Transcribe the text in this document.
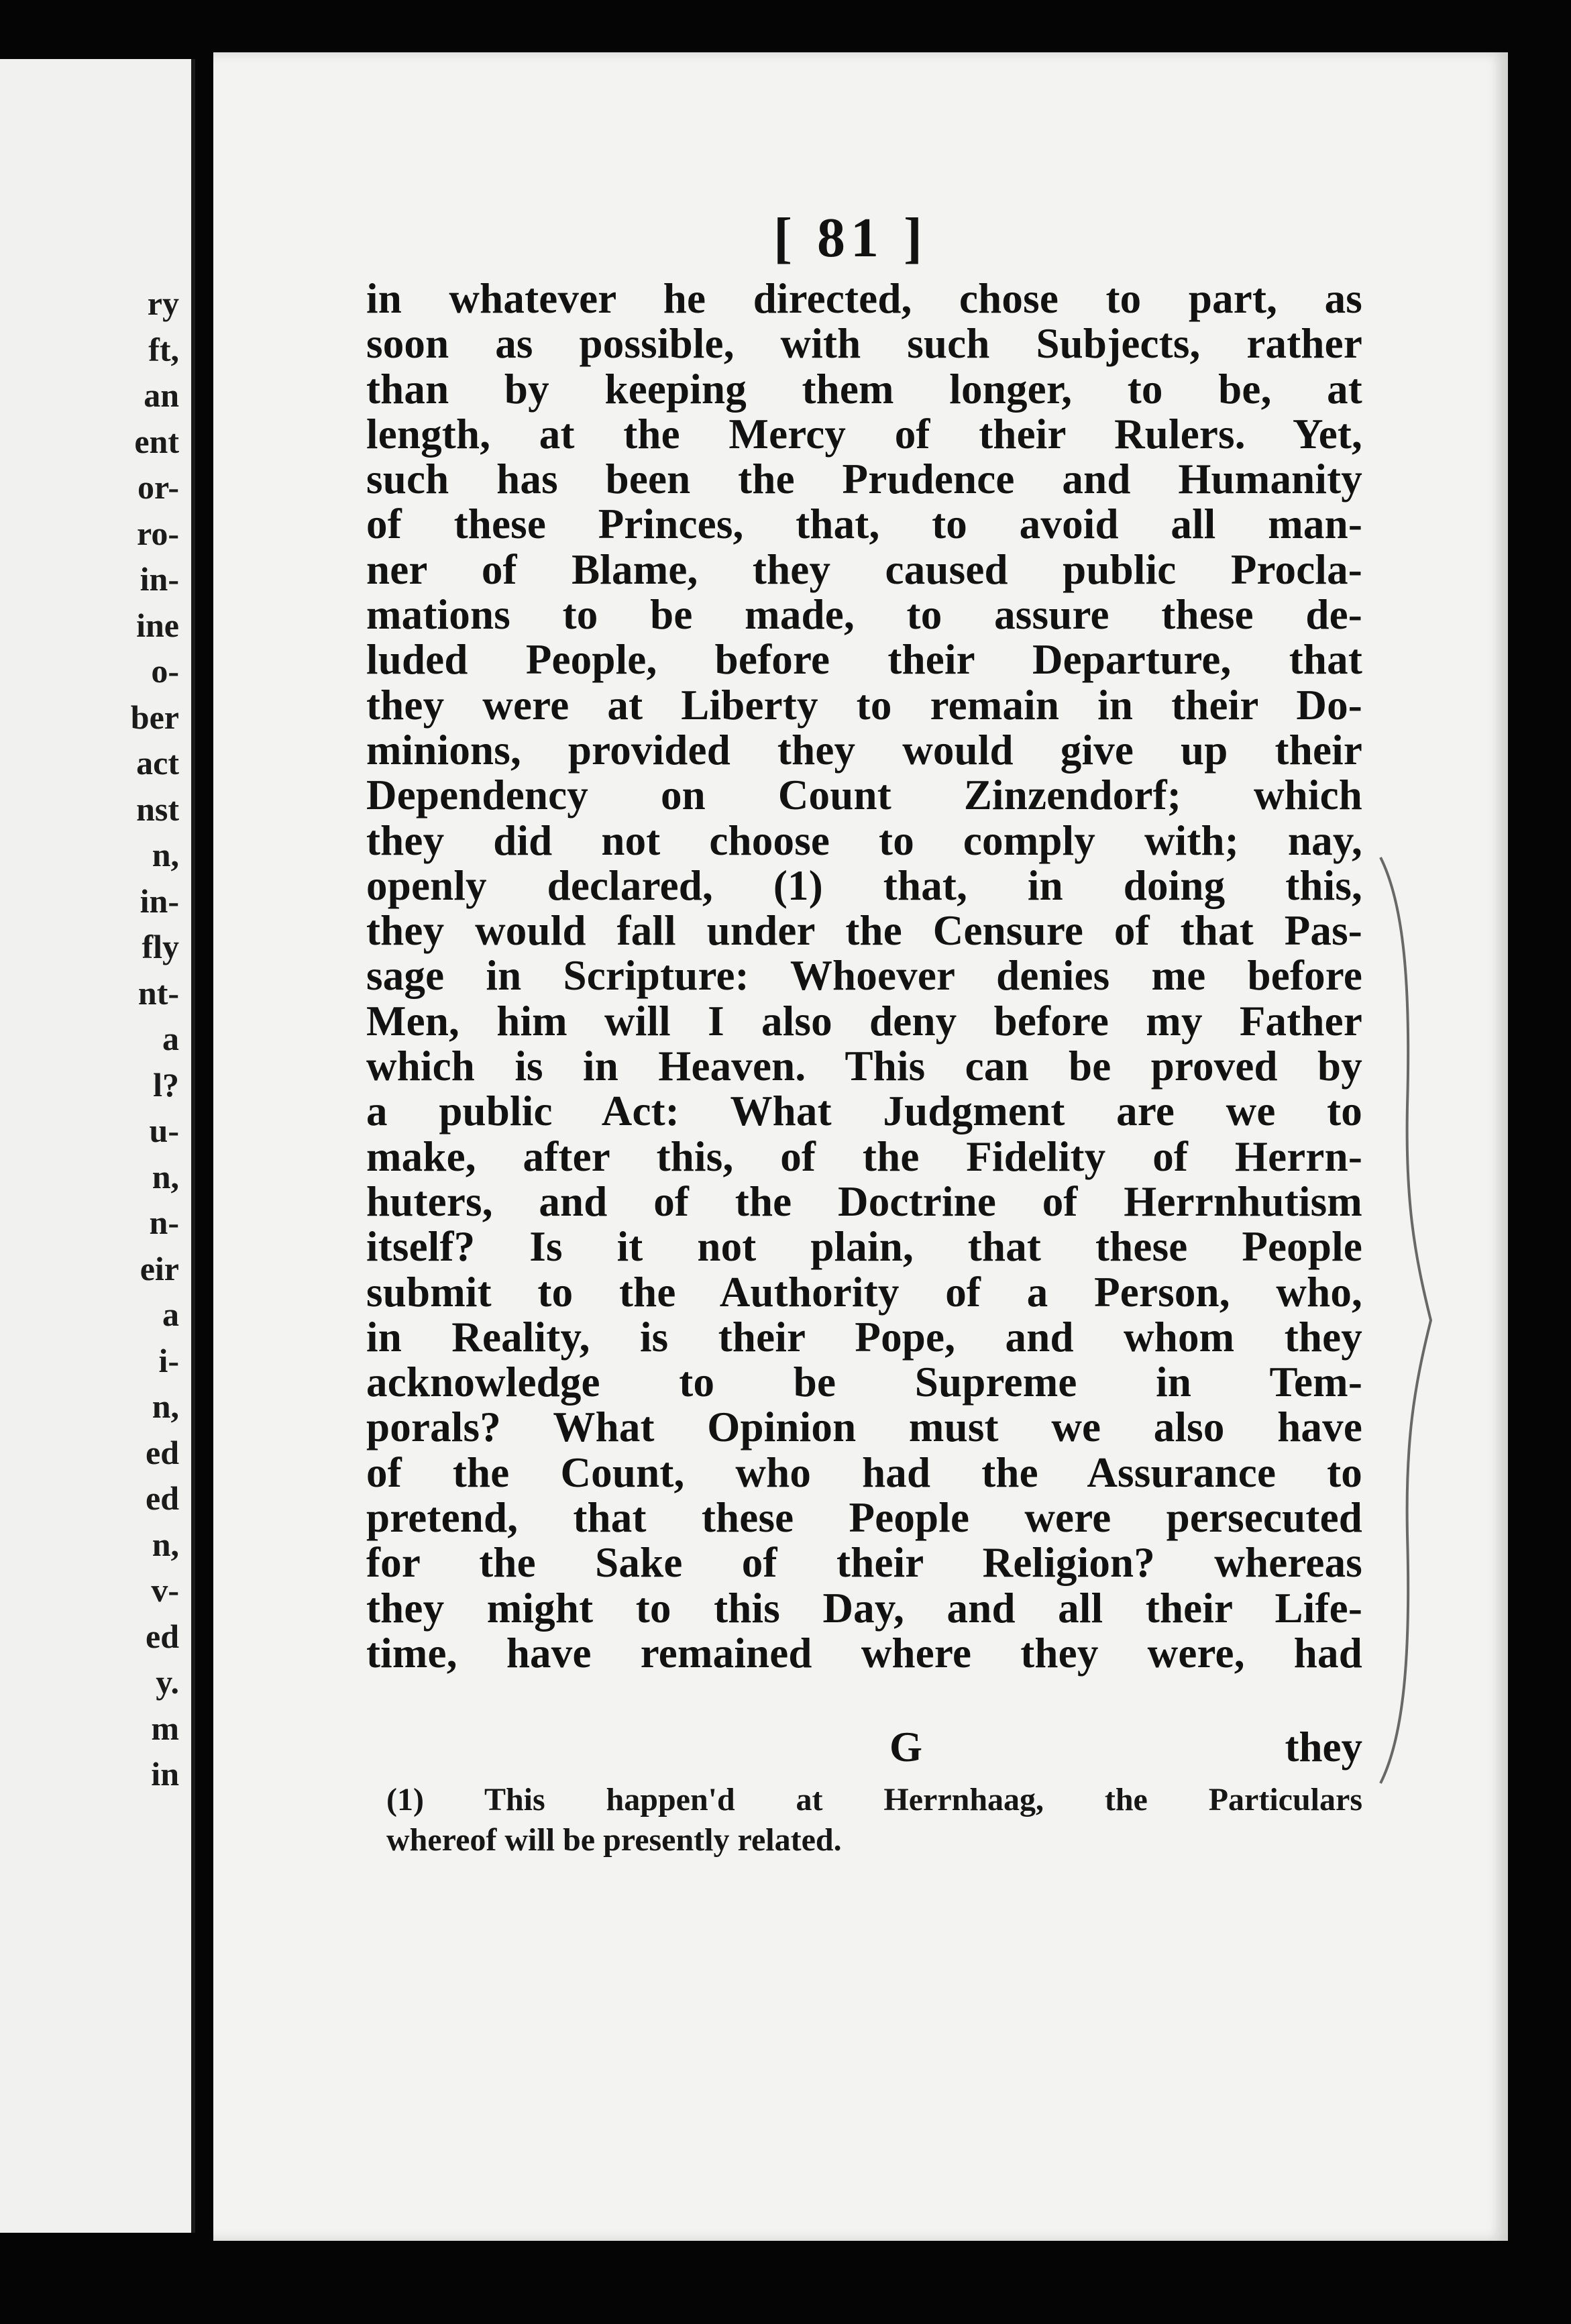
ry
ft,
an
ent
or-
ro-
in-
ine
o-
ber
act
nst
n,
in-
fly
nt-
a
l?
u-
n,
n-
eir
a
i-
n,
ed
ed
n,
v-
ed
y.
m
in
[ 81 ]
in whatever he directed, chose to part, as
soon as possible, with such Subjects, rather
than by keeping them longer, to be, at
length, at the Mercy of their Rulers. Yet,
such has been the Prudence and Humanity
of these Princes, that, to avoid all man-
ner of Blame, they caused public Procla-
mations to be made, to assure these de-
luded People, before their Departure, that
they were at Liberty to remain in their Do-
minions, provided they would give up their
Dependency on Count Zinzendorf; which
they did not choose to comply with; nay,
openly declared, (1) that, in doing this,
they would fall under the Censure of that Pas-
sage in Scripture: Whoever denies me before
Men, him will I also deny before my Father
which is in Heaven. This can be proved by
a public Act: What Judgment are we to
make, after this, of the Fidelity of Herrn-
huters, and of the Doctrine of Herrnhutism
itself? Is it not plain, that these People
submit to the Authority of a Person, who,
in Reality, is their Pope, and whom they
acknowledge to be Supreme in Tem-
porals? What Opinion must we also have
of the Count, who had the Assurance to
pretend, that these People were persecuted
for the Sake of their Religion? whereas
they might to this Day, and all their Life-
time, have remained where they were, had
G	they
(1) This happen'd at Herrnhaag, the Particulars
whereof will be presently related.
